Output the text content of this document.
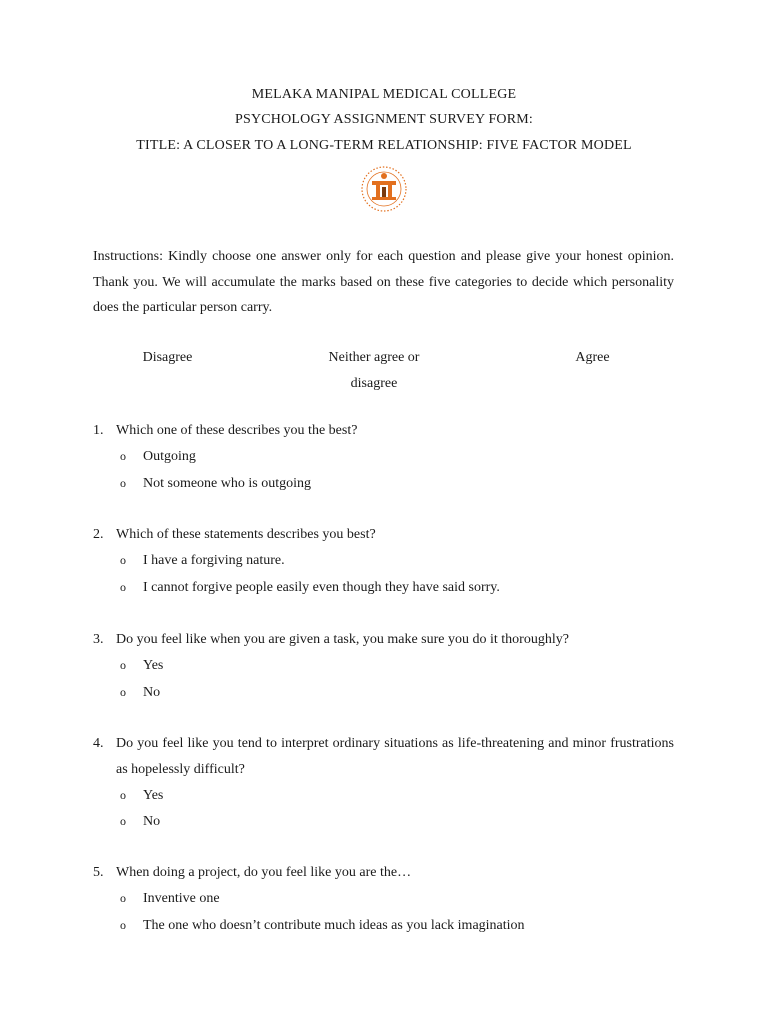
MELAKA MANIPAL MEDICAL COLLEGE
PSYCHOLOGY ASSIGNMENT SURVEY FORM:
TITLE: A CLOSER TO A LONG-TERM RELATIONSHIP: FIVE FACTOR MODEL

Instructions: Kindly choose one answer only for each question and please give your honest opinion. Thank you. We will accumulate the marks based on these five categories to decide which personality does the particular person carry.

Disagree	Neither agree or
disagree
Agree
1. Which one of these describes you the best?
o Outgoing
o Not someone who is outgoing
2. Which of these statements describes you best?
o I have a forgiving nature.
o I cannot forgive people easily even though they have said sorry.
3. Do you feel like when you are given a task, you make sure you do it thoroughly?
o Yes
o No
4. Do you feel like you tend to interpret ordinary situations as life-threatening and minor frustrations as hopelessly difficult?
o Yes
o No
5. When doing a project, do you feel like you are the…
o Inventive one
o The one who doesn’t contribute much ideas as you lack imagination
